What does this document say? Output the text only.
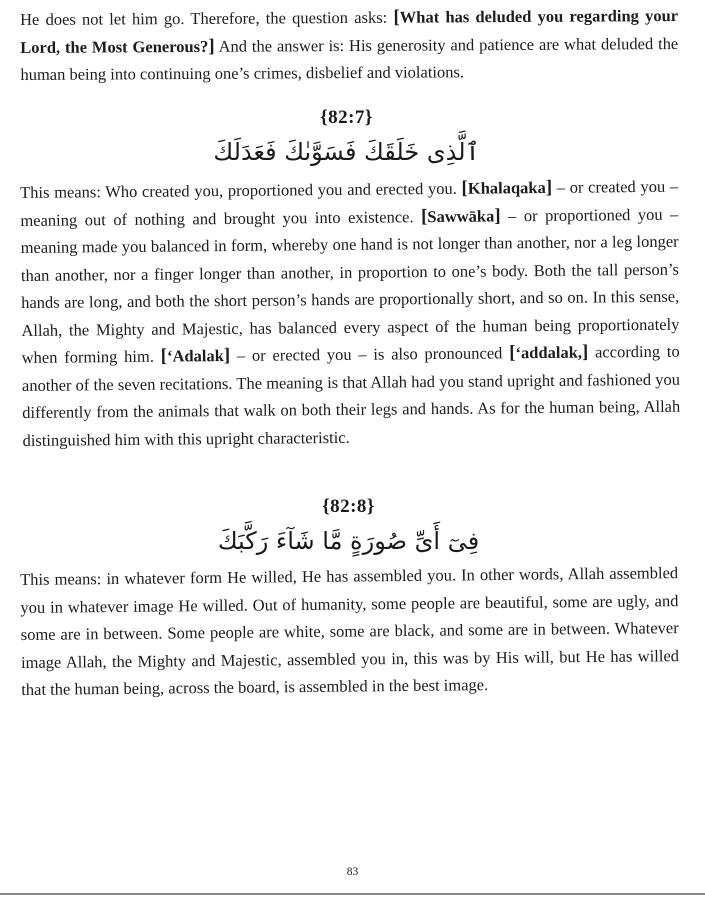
He does not let him go. Therefore, the question asks: [What has deluded you regarding your Lord, the Most Generous?] And the answer is: His generosity and patience are what deluded the human being into continuing one’s crimes, disbelief and violations.

{82:7}
ٱلَّذِى خَلَقَكَ فَسَوَّىٰكَ فَعَدَلَكَ

This means: Who created you, proportioned you and erected you. [Khalaqaka] – or created you – meaning out of nothing and brought you into existence. [Sawwāka] – or proportioned you – meaning made you balanced in form, whereby one hand is not longer than another, nor a leg longer than another, nor a finger longer than another, in proportion to one’s body. Both the tall person’s hands are long, and both the short person’s hands are proportionally short, and so on. In this sense, Allah, the Mighty and Majestic, has balanced every aspect of the human being proportionately when forming him. [‘Adalak] – or erected you – is also pronounced [‘addalak,] according to another of the seven recitations. The meaning is that Allah had you stand upright and fashioned you differently from the animals that walk on both their legs and hands. As for the human being, Allah distinguished him with this upright characteristic.

{82:8}
فِىٓ أَىِّ صُورَةٍ مَّا شَآءَ رَكَّبَكَ

This means: in whatever form He willed, He has assembled you. In other words, Allah assembled you in whatever image He willed. Out of humanity, some people are beautiful, some are ugly, and some are in between. Some people are white, some are black, and some are in between. Whatever image Allah, the Mighty and Majestic, assembled you in, this was by His will, but He has willed that the human being, across the board, is assembled in the best image.

83
